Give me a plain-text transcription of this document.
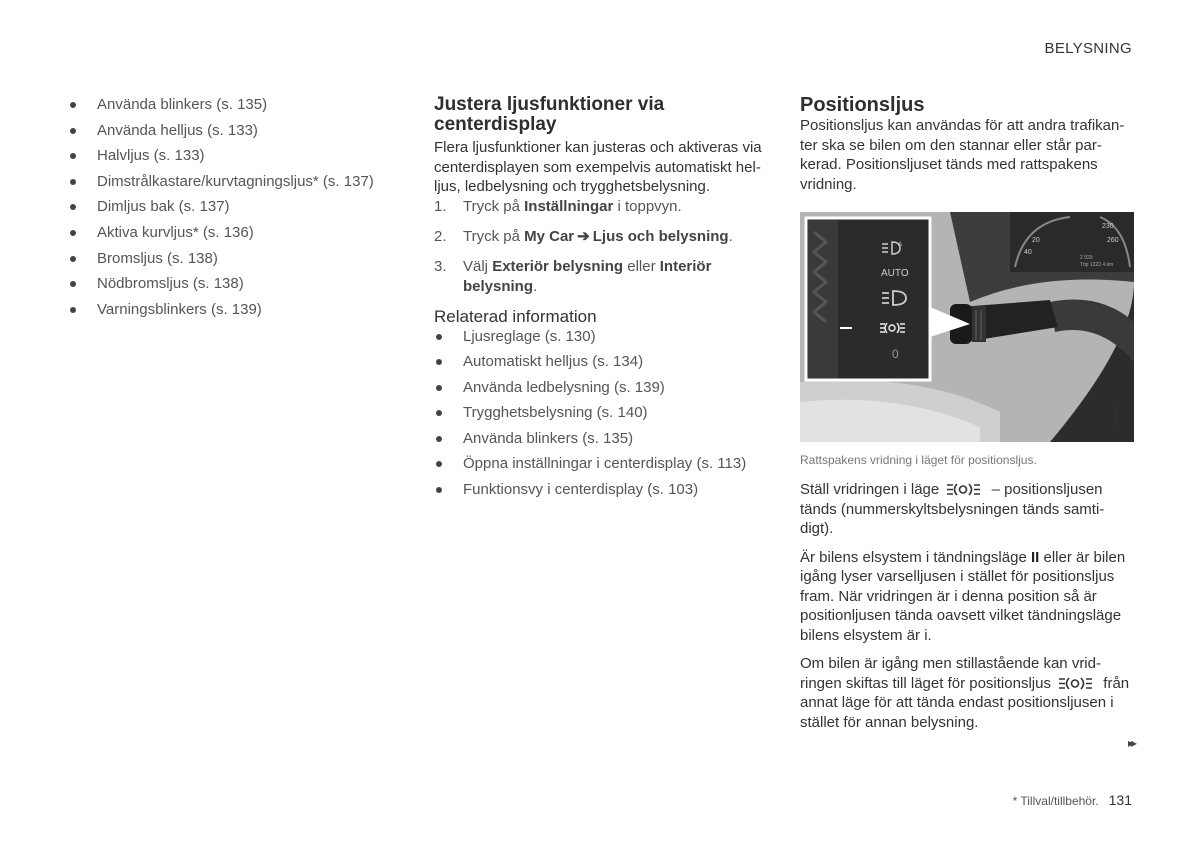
BELYSNING
Använda blinkers (s. 135)
Använda helljus (s. 133)
Halvljus (s. 133)
Dimstrålkastare/kurvtagningsljus* (s. 137)
Dimljus bak (s. 137)
Aktiva kurvljus* (s. 136)
Bromsljus (s. 138)
Nödbromsljus (s. 138)
Varningsblinkers (s. 139)
Justera ljusfunktioner via
centerdisplay

Flera ljusfunktioner kan justeras och aktiveras via
centerdisplayen som exempelvis automatiskt hel-
ljus, ledbelysning och trygghetsbelysning.

1. Tryck på Inställningar i toppvyn.
2. Tryck på My Car ➔ Ljus och belysning.
3. Välj Exteriör belysning eller Interiör
belysning.
Relaterad information
Ljusreglage (s. 130)
Automatiskt helljus (s. 134)
Använda ledbelysning (s. 139)
Trygghetsbelysning (s. 140)
Använda blinkers (s. 135)
Öppna inställningar i centerdisplay (s. 113)
Funktionsvy i centerdisplay (s. 103)
Positionsljus

Positionsljus kan användas för att andra trafikan-
ter ska se bilen om den stannar eller står par-
kerad. Positionsljuset tänds med rattspakens
vridning.

20
40
230
260
2 929
Trip 1222.4 km
A
AUTO
0
G000863
Rattspakens vridning i läget för positionsljus.

Ställ vridringen i läge	– positionsljusen
tänds (nummerskyltsbelysningen tänds samti-
digt).

Är bilens elsystem i tändningsläge II eller är bilen
igång lyser varselljusen i stället för positionsljus
fram. När vridringen är i denna position så är
positionljusen tända oavsett vilket tändningsläge
bilens elsystem är i.

Om bilen är igång men stillastående kan vrid-
ringen skiftas till läget för positionsljus	från
annat läge för att tända endast positionsljusen i
stället för annan belysning.

▸▸
* Tillval/tillbehör. 131
